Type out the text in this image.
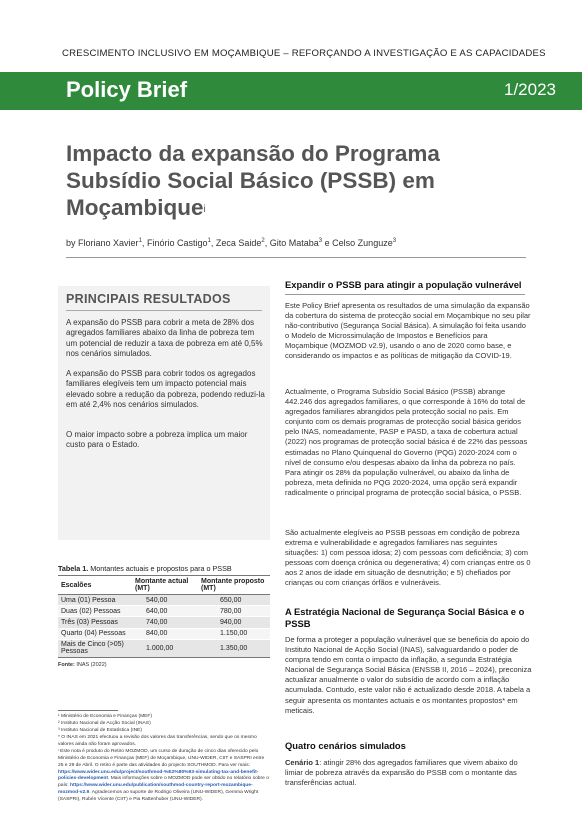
CRESCIMENTO INCLUSIVO EM MOÇAMBIQUE – REFORÇANDO A INVESTIGAÇÃO E AS CAPACIDADES
Policy Brief	1/2023
Impacto da expansão do Programa
Subsídio Social Básico (PSSB) em
Moçambique$^i$
by Floriano Xavier$^1$, Finório Castigo$^1$, Zeca Saide$^2$, Gito Mataba$^3$ e Celso Zunguze$^3$
PRINCIPAIS RESULTADOS

A expansão do PSSB para cobrir a meta de 28% dos agregados familiares abaixo da linha de pobreza tem um potencial de reduzir a taxa de pobreza em até 0,5% nos cenários simulados.

A expansão do PSSB para cobrir todos os agregados familiares elegíveis tem um impacto potencial mais elevado sobre a redução da pobreza, podendo reduzi-la em até 2,4% nos cenários simulados.

O maior impacto sobre a pobreza implica um maior custo para o Estado.

Tabela 1. Montantes actuais e propostos para o PSSB
Escalões	Montante actual (MT)	Montante proposto (MT)
Uma (01) Pessoa	540,00	650,00
Duas (02) Pessoas	640,00	780,00
Três (03) Pessoas	740,00	940,00
Quarto (04) Pessoas	840,00	1.150,00
Mais de Cinco (>05) Pessoas	1.000,00	1.350,00
Fonte: INAS (2022)
¹ Ministério de Economia e Finanças (MEF)
² Instituto Nacional de Acção Social (INAS)
³ Instituto Nacional de Estatística (INE)
* O INAS em 2021 efectuou a revisão dos valores das transferências, sendo que os mesmo valores ainda não foram aprovados.
ᶦ Este nota é produto do Retiro MOZMOD, um curso de duração de cinco dias oferecido pelo Ministério de Economia e Finanças (MEF) de Moçambique, UNU-WIDER, CIIT e SASPRI entre 25 e 29 de Abril. O retiro é parte das atividades do projecto SOUTHMOD. Para ver mais: https://www.wider.unu.edu/project/southmod-%E2%80%93-simulating-tax-and-benefit-policies-development. Mais informações sobre o MOZMOD pode ser obtido no relatório sobre o país: https://www.wider.unu.edu/publication/southmod-country-report-mozambique-mozmod-v2.9. Agradecemos ao suporte de Rodrigo Oliveira (UNU-WIDER), Gemma Wright (SASPRI), Rubén Vicente (CIIT) e Pia Rattenhuber (UNU-WIDER).
Expandir o PSSB para atingir a população vulnerável

Este Policy Brief apresenta os resultados de uma simulação da expansão da cobertura do sistema de protecção social em Moçambique no seu pilar não-contributivo (Segurança Social Básica). A simulação foi feita usando o Modelo de Microssimulação de Impostos e Benefícios para Moçambique (MOZMOD v2.9), usando o ano de 2020 como base, e considerando os impactos e as políticas de mitigação da COVID-19.

Actualmente, o Programa Subsídio Social Básico (PSSB) abrange 442.246 dos agregados familiares, o que corresponde à 16% do total de agregados familiares abrangidos pela protecção social no país. Em conjunto com os demais programas de protecção social básica geridos pelo INAS, nomeadamente, PASP e PASD, a taxa de cobertura actual (2022) nos programas de protecção social básica é de 22% das pessoas estimadas no Plano Quinquenal do Governo (PQG) 2020-2024 com o nível de consumo e/ou despesas abaixo da linha da pobreza no país. Para atingir os 28% da população vulnerável, ou abaixo da linha de pobreza, meta definida no PQG 2020-2024, uma opção será expandir radicalmente o principal programa de protecção social básica, o PSSB.

São actualmente elegíveis ao PSSB pessoas em condição de pobreza extrema e vulnerabilidade e agregados familiares nas seguintes situações: 1) com pessoa idosa; 2) com pessoas com deficiência; 3) com pessoas com doença crónica ou degenerativa; 4) com crianças entre os 0 aos 2 anos de idade em situação de desnutrição; e 5) chefiados por crianças ou com crianças órfãos e vulneráveis.

A Estratégia Nacional de Segurança Social Básica e o PSSB

De forma a proteger a população vulnerável que se beneficia do apoio do Instituto Nacional de Acção Social (INAS), salvaguardando o poder de compra tendo em conta o impacto da inflação, a segunda Estratégia Nacional de Segurança Social Básica (ENSSB II, 2016 – 2024), preconiza actualizar anualmente o valor do subsídio de acordo com a inflação acumulada. Contudo, este valor não é actualizado desde 2018. A tabela a seguir apresenta os montantes actuais e os montantes propostos* em meticais.

Quatro cenários simulados

Cenário 1: atingir 28% dos agregados familiares que vivem abaixo do limiar de pobreza através da expansão do PSSB com o montante das transferências actual.
